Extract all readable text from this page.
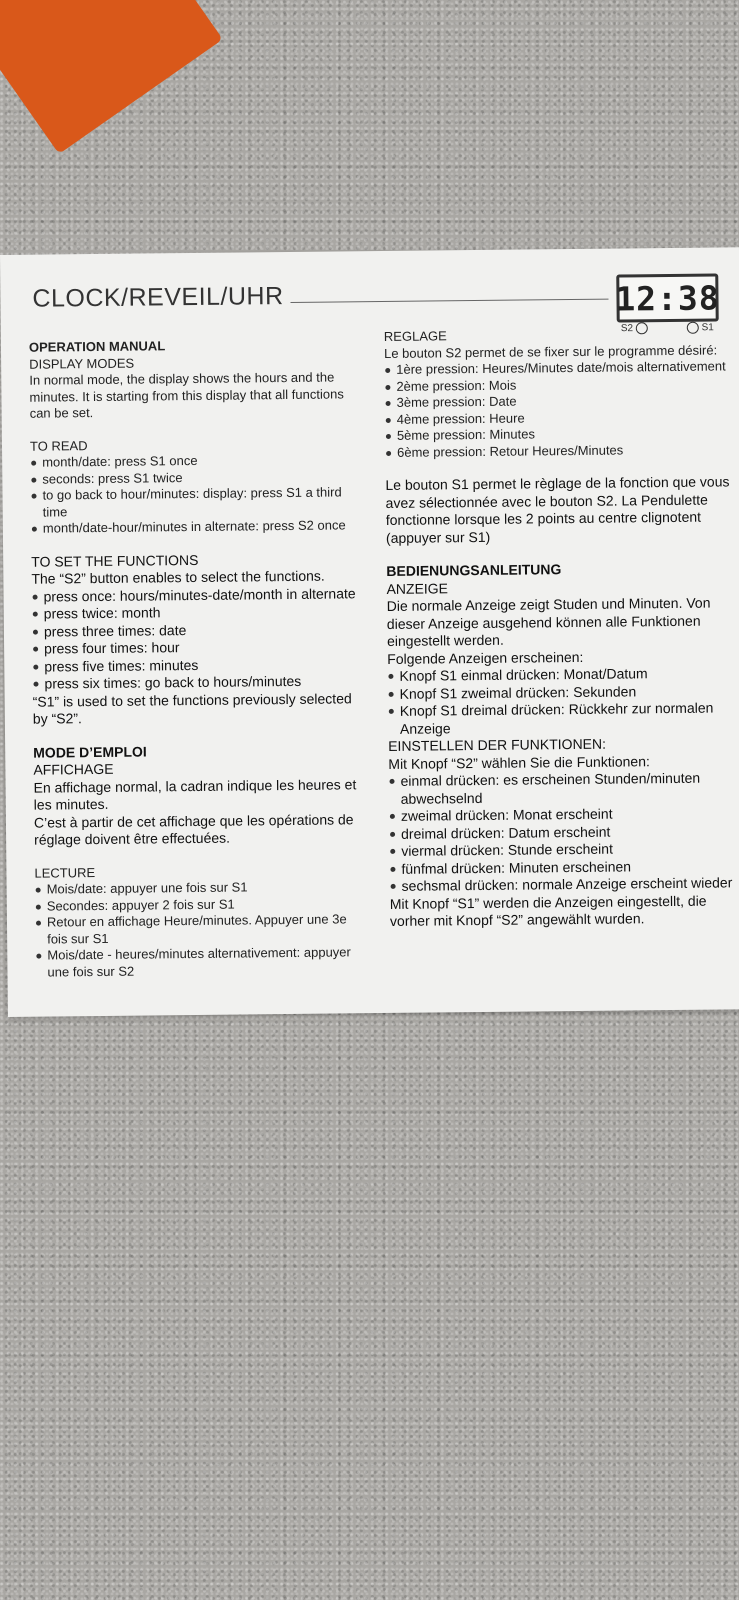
CLOCK/REVEIL/UHR	12:38
S2	S1
OPERATION MANUAL
DISPLAY MODES

In normal mode, the display shows the hours and the minutes. It is starting from this display that all functions can be set.

TO READ
month/date: press S1 once
seconds: press S1 twice
to go back to hour/minutes: display: press S1 a third time
month/date-hour/minutes in alternate: press S2 once
TO SET THE FUNCTIONS

The “S2” button enables to select the functions.

press once: hours/minutes-date/month in alternate
press twice: month
press three times: date
press four times: hour
press five times: minutes
press six times: go back to hours/minutes

“S1” is used to set the functions previously selected by “S2”.

MODE D’EMPLOI
AFFICHAGE

En affichage normal, la cadran indique les heures et les minutes.

C’est à partir de cet affichage que les opérations de réglage doivent être effectuées.

LECTURE
Mois/date: appuyer une fois sur S1
Secondes: appuyer 2 fois sur S1
Retour en affichage Heure/minutes. Appuyer une 3e fois sur S1
Mois/date - heures/minutes alternativement: appuyer une fois sur S2
REGLAGE

Le bouton S2 permet de se fixer sur le programme désiré:

1ère pression: Heures/Minutes date/mois alternativement
2ème pression: Mois
3ème pression: Date
4ème pression: Heure
5ème pression: Minutes
6ème pression: Retour Heures/Minutes

Le bouton S1 permet le règlage de la fonction que vous avez sélectionnée avec le bouton S2. La Pendulette fonctionne lorsque les 2 points au centre clignotent (appuyer sur S1)

BEDIENUNGSANLEITUNG
ANZEIGE

Die normale Anzeige zeigt Studen und Minuten. Von dieser Anzeige ausgehend können alle Funktionen eingestellt werden.

Folgende Anzeigen erscheinen:

Knopf S1 einmal drücken: Monat/Datum
Knopf S1 zweimal drücken: Sekunden
Knopf S1 dreimal drücken: Rückkehr zur normalen Anzeige
EINSTELLEN DER FUNKTIONEN:

Mit Knopf “S2” wählen Sie die Funktionen:

einmal drücken: es erscheinen Stunden/minuten abwechselnd
zweimal drücken: Monat erscheint
dreimal drücken: Datum erscheint
viermal drücken: Stunde erscheint
fünfmal drücken: Minuten erscheinen
sechsmal drücken: normale Anzeige erscheint wieder

Mit Knopf “S1” werden die Anzeigen eingestellt, die vorher mit Knopf “S2” angewählt wurden.
